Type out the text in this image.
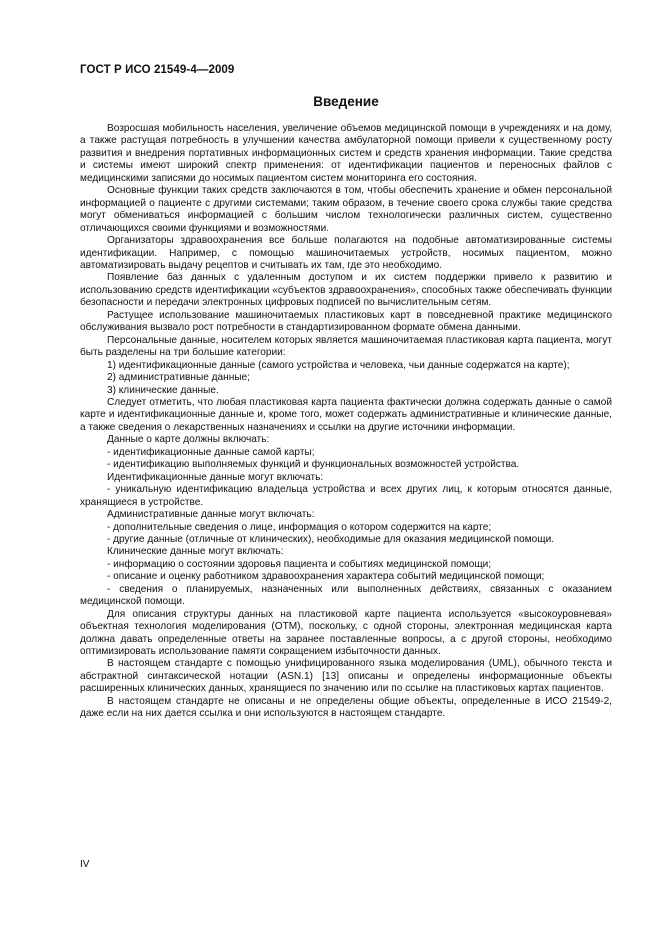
ГОСТ Р ИСО 21549-4—2009
Введение

Возросшая мобильность населения, увеличение объемов медицинской помощи в учреждениях и на дому, а также растущая потребность в улучшении качества амбулаторной помощи привели к существенному росту развития и внедрения портативных информационных систем и средств хранения информации. Такие средства и системы имеют широкий спектр применения: от идентификации пациентов и переносных файлов с медицинскими записями до носимых пациентом систем мониторинга его состояния.

Основные функции таких средств заключаются в том, чтобы обеспечить хранение и обмен персональной информацией о пациенте с другими системами; таким образом, в течение своего срока службы такие средства могут обмениваться информацией с большим числом технологически различных систем, существенно отличающихся своими функциями и возможностями.

Организаторы здравоохранения все больше полагаются на подобные автоматизированные системы идентификации. Например, с помощью машиночитаемых устройств, носимых пациентом, можно автоматизировать выдачу рецептов и считывать их там, где это необходимо.

Появление баз данных с удаленным доступом и их систем поддержки привело к развитию и использованию средств идентификации «субъектов здравоохранения», способных также обеспечивать функции безопасности и передачи электронных цифровых подписей по вычислительным сетям.

Растущее использование машиночитаемых пластиковых карт в повседневной практике медицинского обслуживания вызвало рост потребности в стандартизированном формате обмена данными.

Персональные данные, носителем которых является машиночитаемая пластиковая карта пациента, могут быть разделены на три большие категории:

1) идентификационные данные (самого устройства и человека, чьи данные содержатся на карте);

2) административные данные;

3) клинические данные.

Следует отметить, что любая пластиковая карта пациента фактически должна содержать данные о самой карте и идентификационные данные и, кроме того, может содержать административные и клинические данные, а также сведения о лекарственных назначениях и ссылки на другие источники информации.

Данные о карте должны включать:

- идентификационные данные самой карты;

- идентификацию выполняемых функций и функциональных возможностей устройства.

Идентификационные данные могут включать:

- уникальную идентификацию владельца устройства и всех других лиц, к которым относятся данные, хранящиеся в устройстве.

Административные данные могут включать:

- дополнительные сведения о лице, информация о котором содержится на карте;

- другие данные (отличные от клинических), необходимые для оказания медицинской помощи.

Клинические данные могут включать:

- информацию о состоянии здоровья пациента и событиях медицинской помощи;

- описание и оценку работником здравоохранения характера событий медицинской помощи;

- сведения о планируемых, назначенных или выполненных действиях, связанных с оказанием медицинской помощи.

Для описания структуры данных на пластиковой карте пациента используется «высокоуровневая» объектная технология моделирования (ОТМ), поскольку, с одной стороны, электронная медицинская карта должна давать определенные ответы на заранее поставленные вопросы, а с другой стороны, необходимо оптимизировать использование памяти сокращением избыточности данных.

В настоящем стандарте с помощью унифицированного языка моделирования (UML), обычного текста и абстрактной синтаксической нотации (ASN.1) [13] описаны и определены информационные объекты расширенных клинических данных, хранящиеся по значению или по ссылке на пластиковых картах пациентов.

В настоящем стандарте не описаны и не определены общие объекты, определенные в ИСО 21549-2, даже если на них дается ссылка и они используются в настоящем стандарте.

IV
